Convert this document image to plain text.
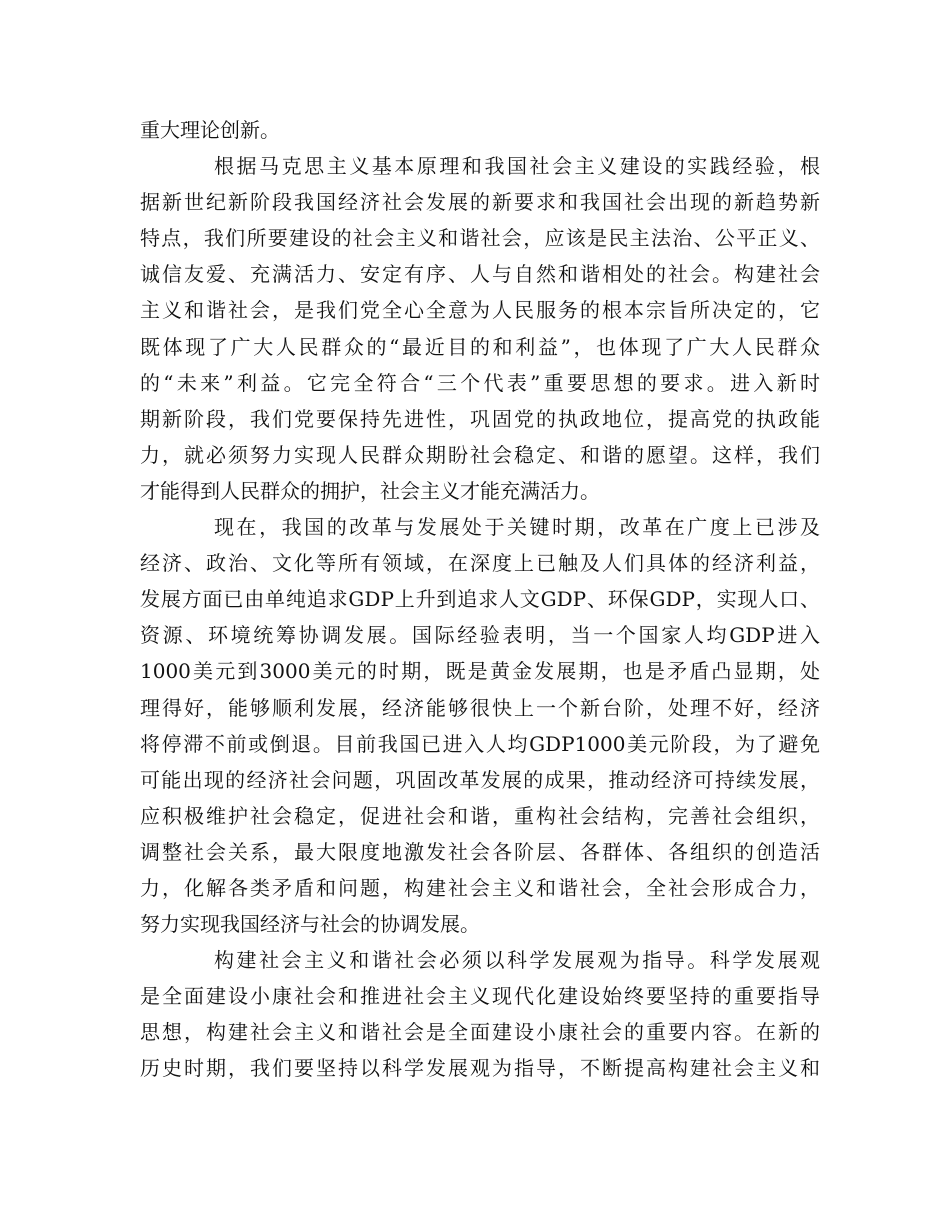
重大理论创新。
根据马克思主义基本原理和我国社会主义建设的实践经验，根
据新世纪新阶段我国经济社会发展的新要求和我国社会出现的新趋势新
特点，我们所要建设的社会主义和谐社会，应该是民主法治、公平正义、
诚信友爱、充满活力、安定有序、人与自然和谐相处的社会。构建社会
主义和谐社会，是我们党全心全意为人民服务的根本宗旨所决定的，它
既体现了广大人民群众的“最近目的和利益”，也体现了广大人民群众
的“未来”利益。它完全符合“三个代表”重要思想的要求。进入新时
期新阶段，我们党要保持先进性，巩固党的执政地位，提高党的执政能
力，就必须努力实现人民群众期盼社会稳定、和谐的愿望。这样，我们
才能得到人民群众的拥护，社会主义才能充满活力。
现在，我国的改革与发展处于关键时期，改革在广度上已涉及
经济、政治、文化等所有领域，在深度上已触及人们具体的经济利益，
发展方面已由单纯追求GDP上升到追求人文GDP、环保GDP，实现人口、
资源、环境统筹协调发展。国际经验表明，当一个国家人均GDP进入
1000美元到3000美元的时期，既是黄金发展期，也是矛盾凸显期，处
理得好，能够顺利发展，经济能够很快上一个新台阶，处理不好，经济
将停滞不前或倒退。目前我国已进入人均GDP1000美元阶段，为了避免
可能出现的经济社会问题，巩固改革发展的成果，推动经济可持续发展，
应积极维护社会稳定，促进社会和谐，重构社会结构，完善社会组织，
调整社会关系，最大限度地激发社会各阶层、各群体、各组织的创造活
力，化解各类矛盾和问题，构建社会主义和谐社会，全社会形成合力，
努力实现我国经济与社会的协调发展。
构建社会主义和谐社会必须以科学发展观为指导。科学发展观
是全面建设小康社会和推进社会主义现代化建设始终要坚持的重要指导
思想，构建社会主义和谐社会是全面建设小康社会的重要内容。在新的
历史时期，我们要坚持以科学发展观为指导，不断提高构建社会主义和
